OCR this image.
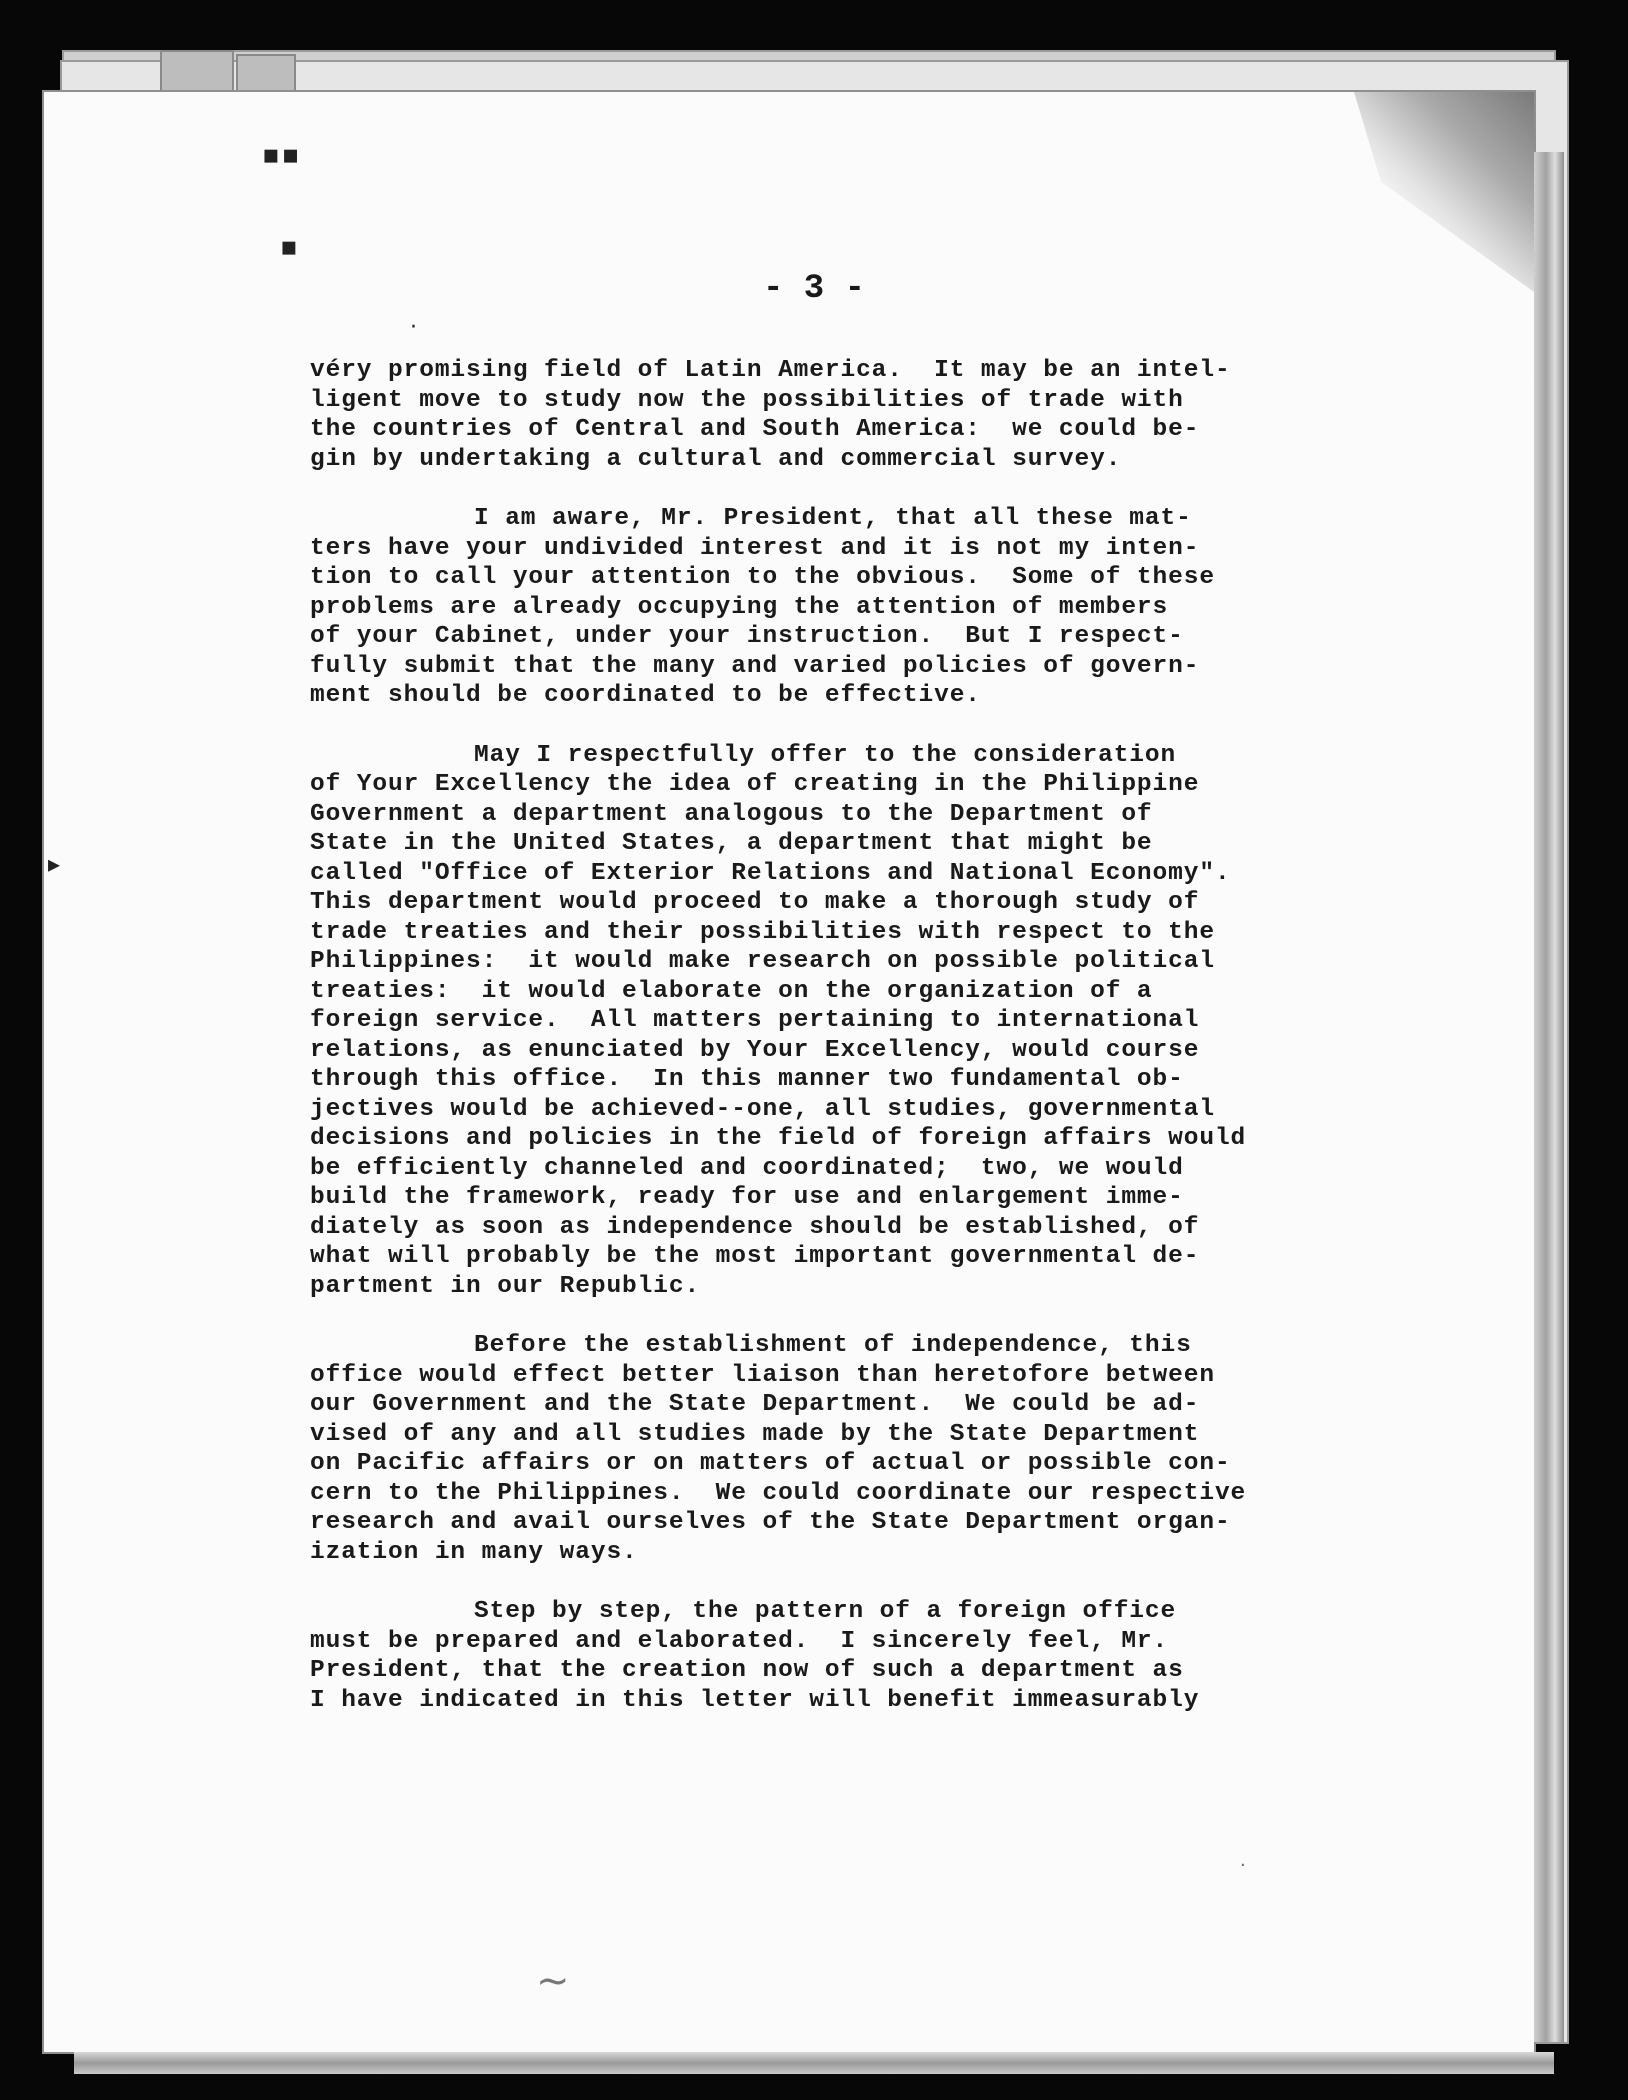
▪▪
▪
·
▸
·
~
- 3 -
véry promising field of Latin America.  It may be an intel-
ligent move to study now the possibilities of trade with
the countries of Central and South America:  we could be-
gin by undertaking a cultural and commercial survey.
I am aware, Mr. President, that all these mat-
ters have your undivided interest and it is not my inten-
tion to call your attention to the obvious.  Some of these
problems are already occupying the attention of members
of your Cabinet, under your instruction.  But I respect-
fully submit that the many and varied policies of govern-
ment should be coordinated to be effective.
May I respectfully offer to the consideration
of Your Excellency the idea of creating in the Philippine
Government a department analogous to the Department of
State in the United States, a department that might be
called "Office of Exterior Relations and National Economy".
This department would proceed to make a thorough study of
trade treaties and their possibilities with respect to the
Philippines:  it would make research on possible political
treaties:  it would elaborate on the organization of a
foreign service.  All matters pertaining to international
relations, as enunciated by Your Excellency, would course
through this office.  In this manner two fundamental ob-
jectives would be achieved--one, all studies, governmental
decisions and policies in the field of foreign affairs would
be efficiently channeled and coordinated;  two, we would
build the framework, ready for use and enlargement imme-
diately as soon as independence should be established, of
what will probably be the most important governmental de-
partment in our Republic.
Before the establishment of independence, this
office would effect better liaison than heretofore between
our Government and the State Department.  We could be ad-
vised of any and all studies made by the State Department
on Pacific affairs or on matters of actual or possible con-
cern to the Philippines.  We could coordinate our respective
research and avail ourselves of the State Department organ-
ization in many ways.
Step by step, the pattern of a foreign office
must be prepared and elaborated.  I sincerely feel, Mr.
President, that the creation now of such a department as
I have indicated in this letter will benefit immeasurably
